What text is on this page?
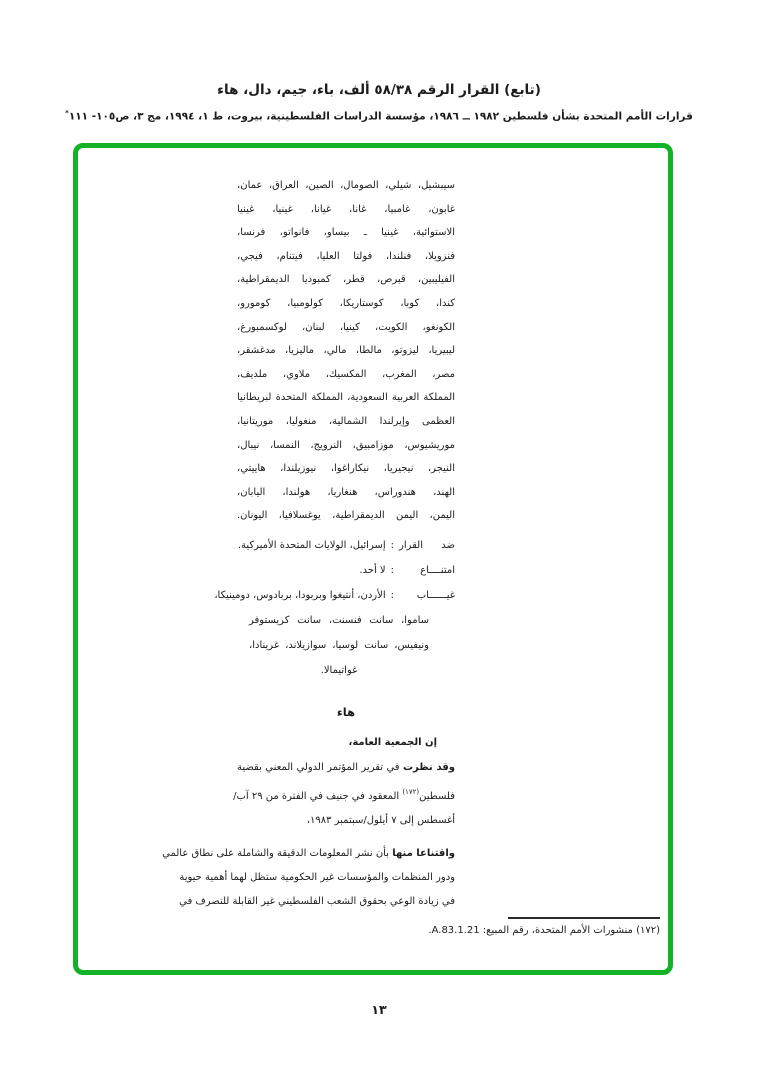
(تابع) القرار الرقم ٥٨/٣٨ ألف، باء، جيم، دال، هاء
قرارات الأمم المتحدة بشأن فلسطين ١٩٨٢ ــ ١٩٨٦، مؤسسة الدراسات الفلسطينية، بيروت، ط ١، ١٩٩٤، مج ٣، ص١٠٥- ١١١*
سيبشيل، شيلي، الصومال، الصين، العراق، عمان،
غابون، غامبيا، غانا، غيانا، غينيا، غينيا
الاستوائية، غينيا ـ بيساو، فانواتو، فرنسا،
فنزويلا، فنلندا، فولتا العليا، فيتنام، فيجي،
الفيليبين، قبرص، قطر، كمبوديا الديمقراطية،
كندا، كوبا، كوستاريكا، كولومبيا، كومورو،
الكونغو، الكويت، كينيا، لبنان، لوكسمبورغ،
ليبيريا، ليزوتو، مالطا، مالي، ماليزيا، مدغشقر،
مصر، المغرب، المكسيك، ملاوي، ملديف،
المملكة العربية السعودية، المملكة المتحدة لبريطانيا
العظمى وإيرلندا الشمالية، منغوليا، موريتانيا،
موريشيوس، موزامبيق، النرويج، النمسا، نيبال،
النيجر، نيجيريا، نيكاراغوا، نيوزيلندا، هاييتي،
الهند، هندوراس، هنغاريا، هولندا، اليابان،
اليمن، اليمن الديمقراطية، يوغسلافيا، اليونان.
ضد القرار
:
إسرائيل، الولايات المتحدة الأميركية.
امتنــــاع
:
لا أحد.
غيــــــاب
:
الأردن، أنتيغوا وبربودا، بربادوس، دومينيكا،
ساموا، سانت فنسنت، سانت كريستوفر
ونيفيس، سانت لوسيا، سوازيلاند، غرينادا،
غواتيمالا.
هاء
إن الجمعية العامة،
وقد نظرت في تقرير المؤتمر الدولي المعني بقضية
فلسطين$^{(١٧٢)}$ المعقود في جنيف في الفترة من ٢٩ آب/
أغسطس إلى ٧ أيلول/سبتمبر ١٩٨٣،
واقتناعا منها بأن نشر المعلومات الدقيقة والشاملة على نطاق عالمي
ودور المنظمات والمؤسسات غير الحكومية ستظل لهما أهمية حيوية
في زيادة الوعي بحقوق الشعب الفلسطيني غير القابلة للتصرف في
(١٧٢) منشورات الأمم المتحدة، رقم المبيع: A.83.1.21.
١٣
